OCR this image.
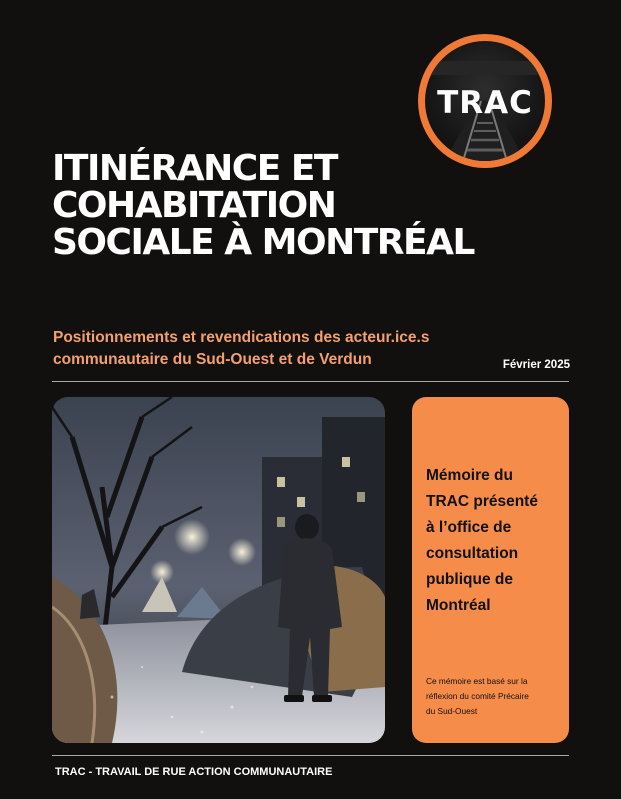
TRAC
ITINÉRANCE ET
COHABITATION
SOCIALE À MONTRÉAL
Positionnements et revendications des acteur.ice.s
communautaire du Sud-Ouest et de Verdun	Février 2025
Mémoire du
TRAC présenté
à l’office de
consultation
publique de
Montréal
Ce mémoire est basé sur la
réflexion du comité Précaire
du Sud-Ouest
TRAC - TRAVAIL DE RUE ACTION COMMUNAUTAIRE
